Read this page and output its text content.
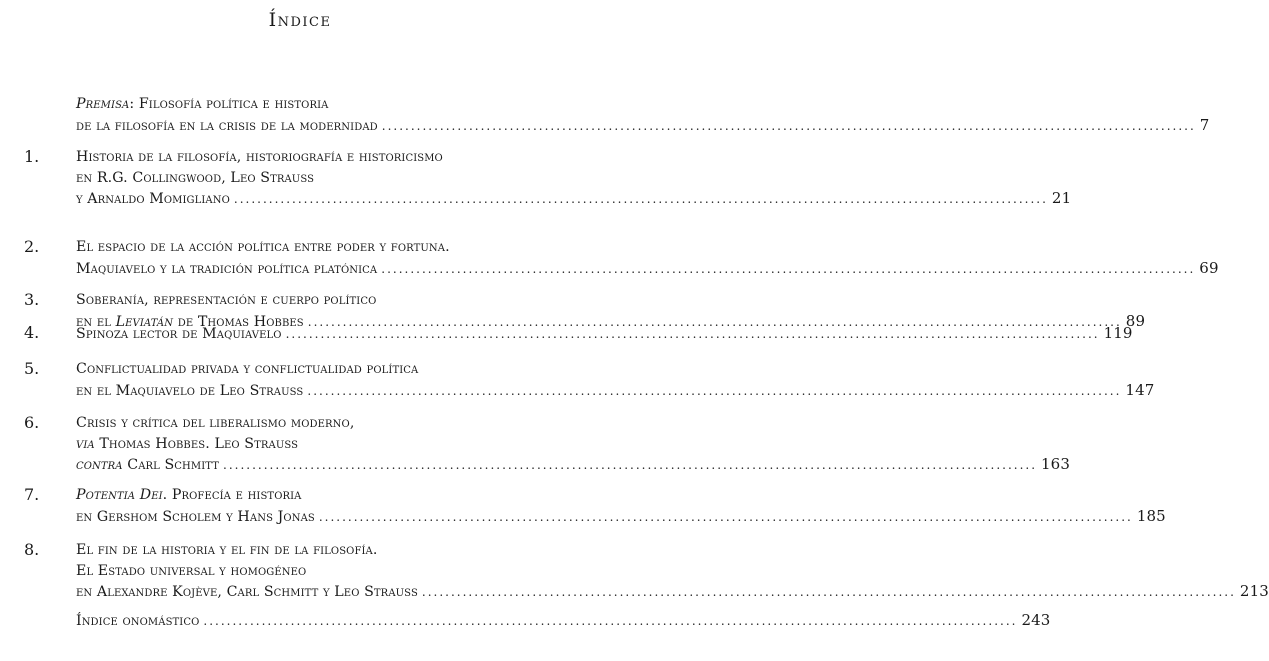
Índice
Premisa: Filosofía política e historia
de la filosofía en la crisis de la modernidad ............................................................................................................................................ 7
1.	Historia de la filosofía, historiografía e historicismo
en R.G. Collingwood, Leo Strauss
y Arnaldo Momigliano ............................................................................................................................................ 21
2.	El espacio de la acción política entre poder y fortuna.
Maquiavelo y la tradición política platónica ............................................................................................................................................ 69
3.	Soberanía, representación e cuerpo político
en el Leviatán de Thomas Hobbes ............................................................................................................................................ 89
4.	Spinoza lector de Maquiavelo ............................................................................................................................................ 119
5.	Conflictualidad privada y conflictualidad política
en el Maquiavelo de Leo Strauss ............................................................................................................................................ 147
6.	Crisis y crítica del liberalismo moderno,
via Thomas Hobbes. Leo Strauss
contra Carl Schmitt ............................................................................................................................................ 163
7.	Potentia Dei. Profecía e historia
en Gershom Scholem y Hans Jonas ............................................................................................................................................ 185
8.	El fin de la historia y el fin de la filosofía.
El Estado universal y homogéneo
en Alexandre Kojève, Carl Schmitt y Leo Strauss ............................................................................................................................................ 213
Índice onomástico ............................................................................................................................................ 243
